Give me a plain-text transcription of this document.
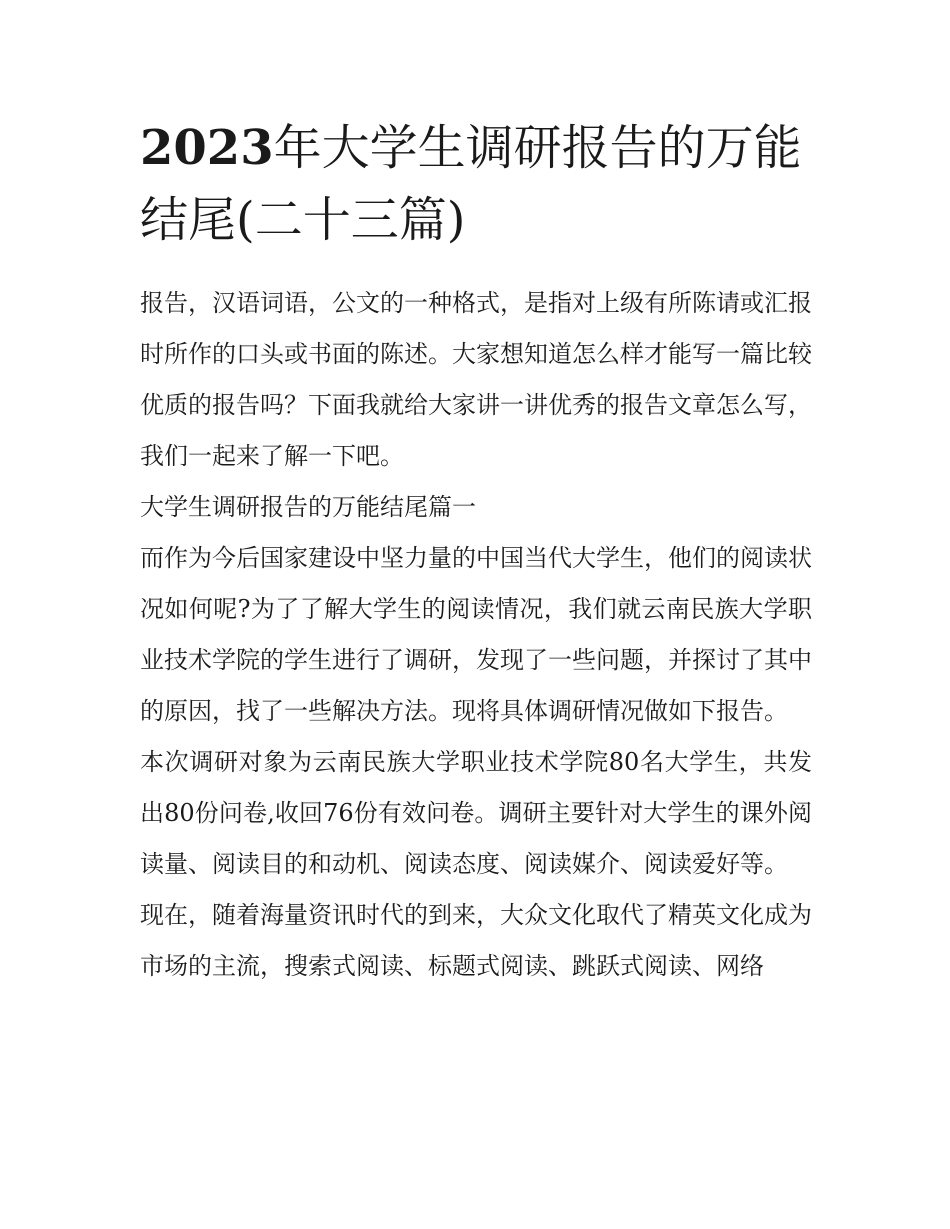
2023年大学生调研报告的万能结尾(二十三篇)

报告，汉语词语，公文的一种格式，是指对上级有所陈请或汇报时所作的口头或书面的陈述。大家想知道怎么样才能写一篇比较优质的报告吗？下面我就给大家讲一讲优秀的报告文章怎么写，我们一起来了解一下吧。

大学生调研报告的万能结尾篇一

而作为今后国家建设中坚力量的中国当代大学生，他们的阅读状况如何呢?为了了解大学生的阅读情况，我们就云南民族大学职业技术学院的学生进行了调研，发现了一些问题，并探讨了其中的原因，找了一些解决方法。现将具体调研情况做如下报告。

本次调研对象为云南民族大学职业技术学院80名大学生，共发出80份问卷,收回76份有效问卷。调研主要针对大学生的课外阅读量、阅读目的和动机、阅读态度、阅读媒介、阅读爱好等。

现在，随着海量资讯时代的到来，大众文化取代了精英文化成为市场的主流，搜索式阅读、标题式阅读、跳跃式阅读、网络
